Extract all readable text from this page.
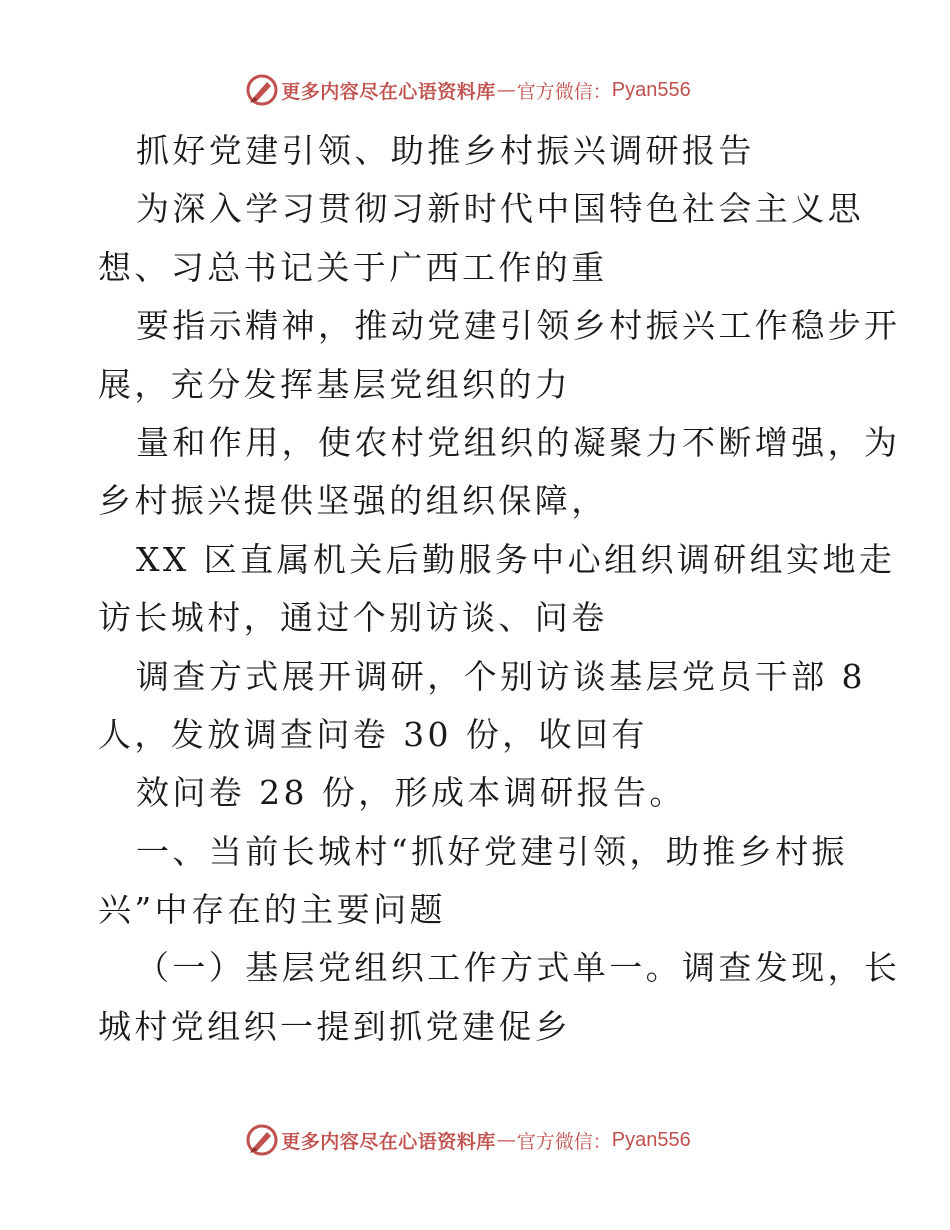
更多内容尽在心语资料库 — 官方微信： Pyan556
抓好党建引领、助推乡村振兴调研报告
为深入学习贯彻习新时代中国特色社会主义思
想、习总书记关于广西工作的重
要指示精神，推动党建引领乡村振兴工作稳步开
展，充分发挥基层党组织的力
量和作用，使农村党组织的凝聚力不断增强，为
乡村振兴提供坚强的组织保障，
XX 区直属机关后勤服务中心组织调研组实地走
访长城村，通过个别访谈、问卷
调查方式展开调研，个别访谈基层党员干部 8
人，发放调查问卷 30 份，收回有
效问卷 28 份，形成本调研报告。
一、当前长城村“抓好党建引领，助推乡村振
兴”中存在的主要问题
（一）基层党组织工作方式单一。调查发现，长
城村党组织一提到抓党建促乡
更多内容尽在心语资料库 — 官方微信： Pyan556
